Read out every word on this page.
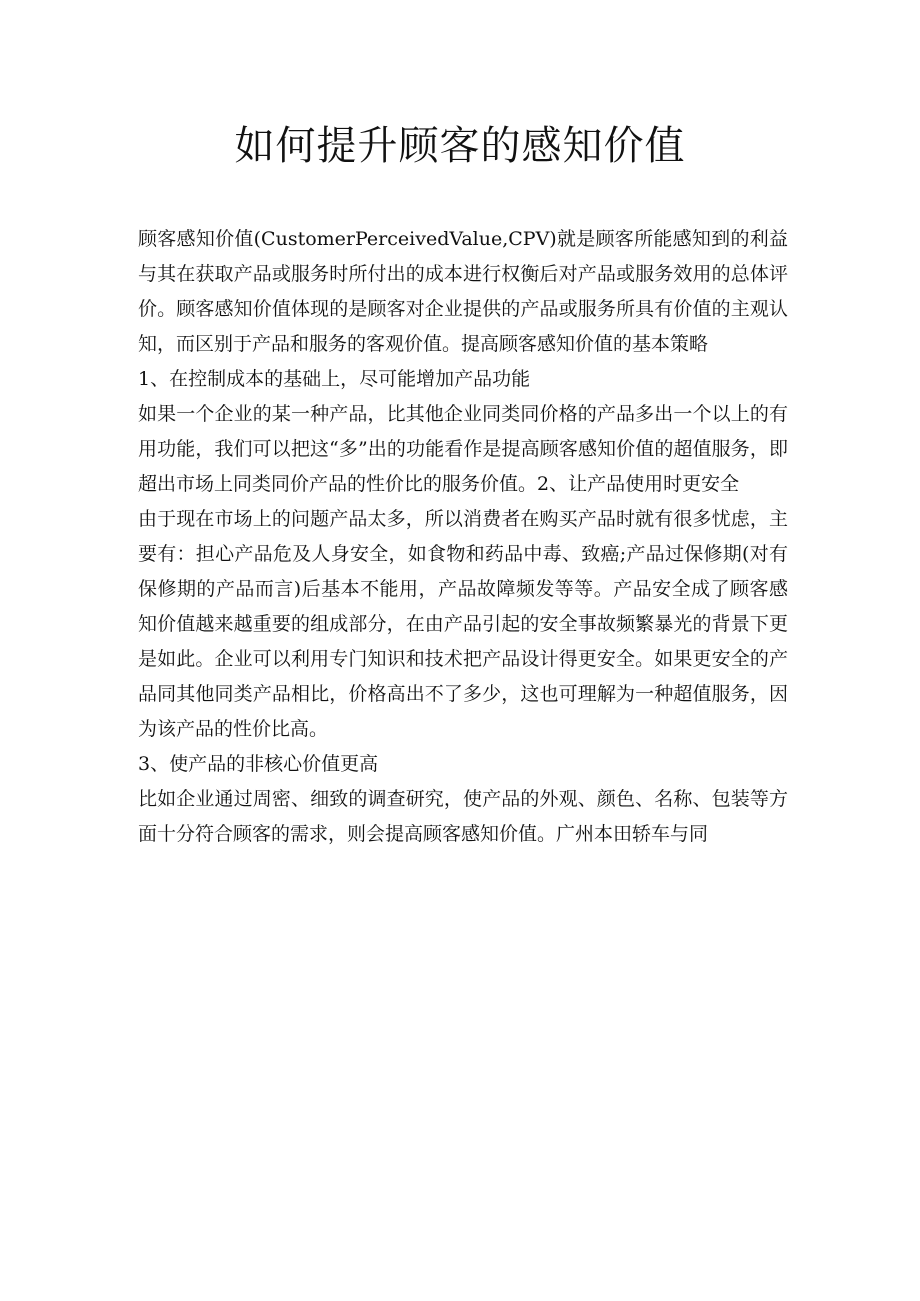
如何提升顾客的感知价值

顾客感知价值(CustomerPerceivedValue,CPV)就是顾客所能感知到的利益与其在获取产品或服务时所付出的成本进行权衡后对产品或服务效用的总体评价。顾客感知价值体现的是顾客对企业提供的产品或服务所具有价值的主观认知，而区别于产品和服务的客观价值。提高顾客感知价值的基本策略

1、在控制成本的基础上，尽可能增加产品功能

如果一个企业的某一种产品，比其他企业同类同价格的产品多出一个以上的有用功能，我们可以把这“多”出的功能看作是提高顾客感知价值的超值服务，即超出市场上同类同价产品的性价比的服务价值。2、让产品使用时更安全

由于现在市场上的问题产品太多，所以消费者在购买产品时就有很多忧虑，主要有：担心产品危及人身安全，如食物和药品中毒、致癌;产品过保修期(对有保修期的产品而言)后基本不能用，产品故障频发等等。产品安全成了顾客感知价值越来越重要的组成部分，在由产品引起的安全事故频繁暴光的背景下更是如此。企业可以利用专门知识和技术把产品设计得更安全。如果更安全的产品同其他同类产品相比，价格高出不了多少，这也可理解为一种超值服务，因为该产品的性价比高。

3、使产品的非核心价值更高

比如企业通过周密、细致的调查研究，使产品的外观、颜色、名称、包装等方面十分符合顾客的需求，则会提高顾客感知价值。广州本田轿车与同
